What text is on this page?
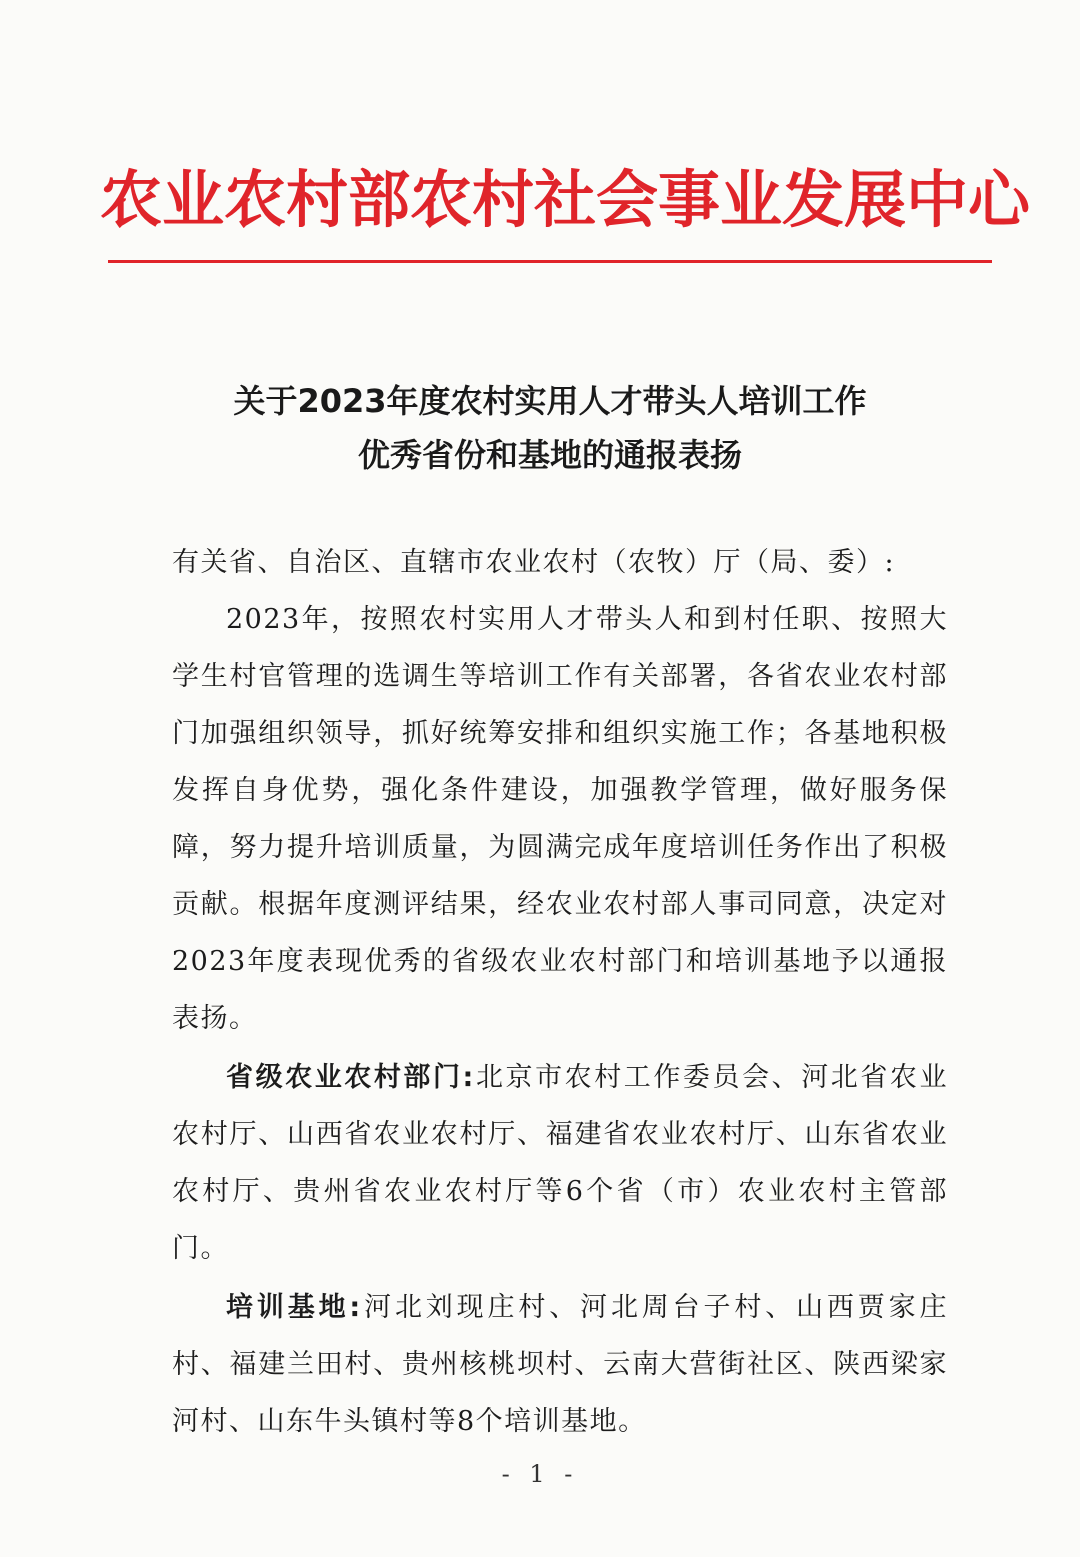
农业农村部农村社会事业发展中心
关于2023年度农村实用人才带头人培训工作
优秀省份和基地的通报表扬

有关省、自治区、直辖市农业农村（农牧）厅（局、委）:

2023年，按照农村实用人才带头人和到村任职、按照大学生村官管理的选调生等培训工作有关部署，各省农业农村部门加强组织领导，抓好统筹安排和组织实施工作；各基地积极发挥自身优势，强化条件建设，加强教学管理，做好服务保障，努力提升培训质量，为圆满完成年度培训任务作出了积极贡献。根据年度测评结果，经农业农村部人事司同意，决定对2023年度表现优秀的省级农业农村部门和培训基地予以通报表扬。

省级农业农村部门:北京市农村工作委员会、河北省农业农村厅、山西省农业农村厅、福建省农业农村厅、山东省农业农村厅、贵州省农业农村厅等6个省（市）农业农村主管部门。

培训基地:河北刘现庄村、河北周台子村、山西贾家庄村、福建兰田村、贵州核桃坝村、云南大营街社区、陕西梁家河村、山东牛头镇村等8个培训基地。

- 1 -
